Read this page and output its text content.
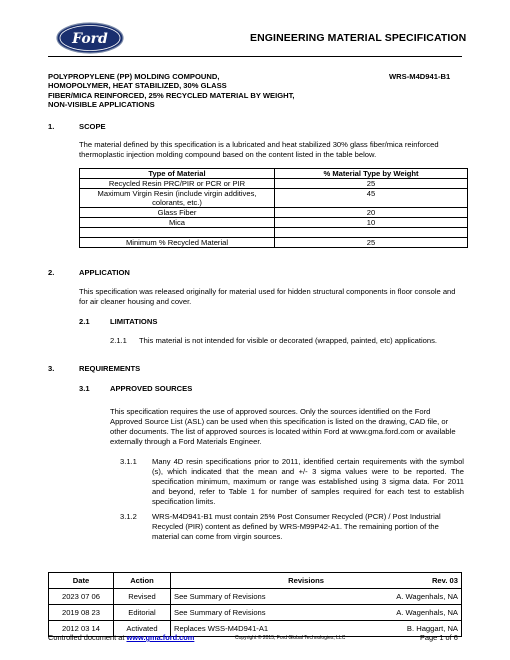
Ford	ENGINEERING MATERIAL SPECIFICATION
POLYPROPYLENE (PP) MOLDING COMPOUND,
HOMOPOLYMER, HEAT STABILIZED, 30% GLASS
FIBER/MICA REINFORCED, 25% RECYCLED MATERIAL BY WEIGHT,
NON-VISIBLE APPLICATIONS
WRS-M4D941-B1
1.	SCOPE
The material defined by this specification is a lubricated and heat stabilized 30% glass fiber/mica reinforced thermoplastic injection molding compound based on the content listed in the table below.
Type of Material	% Material Type by Weight
Recycled Resin PRC/PIR or PCR or PIR	25
Maximum Virgin Resin (include virgin additives, colorants, etc.)	45
Glass Fiber	20
Mica	10

Minimum % Recycled Material	25
2.	APPLICATION
This specification was released originally for material used for hidden structural components in floor console and for air cleaner housing and cover.
2.1	LIMITATIONS
2.1.1 This material is not intended for visible or decorated (wrapped, painted, etc) applications.
3.	REQUIREMENTS
3.1	APPROVED SOURCES
This specification requires the use of approved sources. Only the sources identified on the Ford Approved Source List (ASL) can be used when this specification is listed on the drawing, CAD file, or other documents. The list of approved sources is located within Ford at www.gma.ford.com or available externally through a Ford Materials Engineer.
3.1.1 Many 4D resin specifications prior to 2011, identified certain requirements with the symbol (s), which indicated that the mean and +/- 3 sigma values were to be reported. The specification minimum, maximum or range was established using 3 sigma data. For 2011 and beyond, refer to Table 1 for number of samples required for each test to establish specification limits.
3.1.2 WRS-M4D941-B1 must contain 25% Post Consumer Recycled (PCR) / Post Industrial Recycled (PIR) content as defined by WRS-M99P42-A1. The remaining portion of the material can come from virgin sources.
Date	Action	Revisions	Rev. 03
2023 07 06	Revised	See Summary of Revisions	A. Wagenhals, NA
2019 08 23	Editorial	See Summary of Revisions	A. Wagenhals, NA
2012 03 14	Activated	Replaces WSS-M4D941-A1	B. Haggart, NA
Controlled document at www.gma.ford.com	Copyright © 2015, Ford Global Technologies, LLC	Page 1 of 6
